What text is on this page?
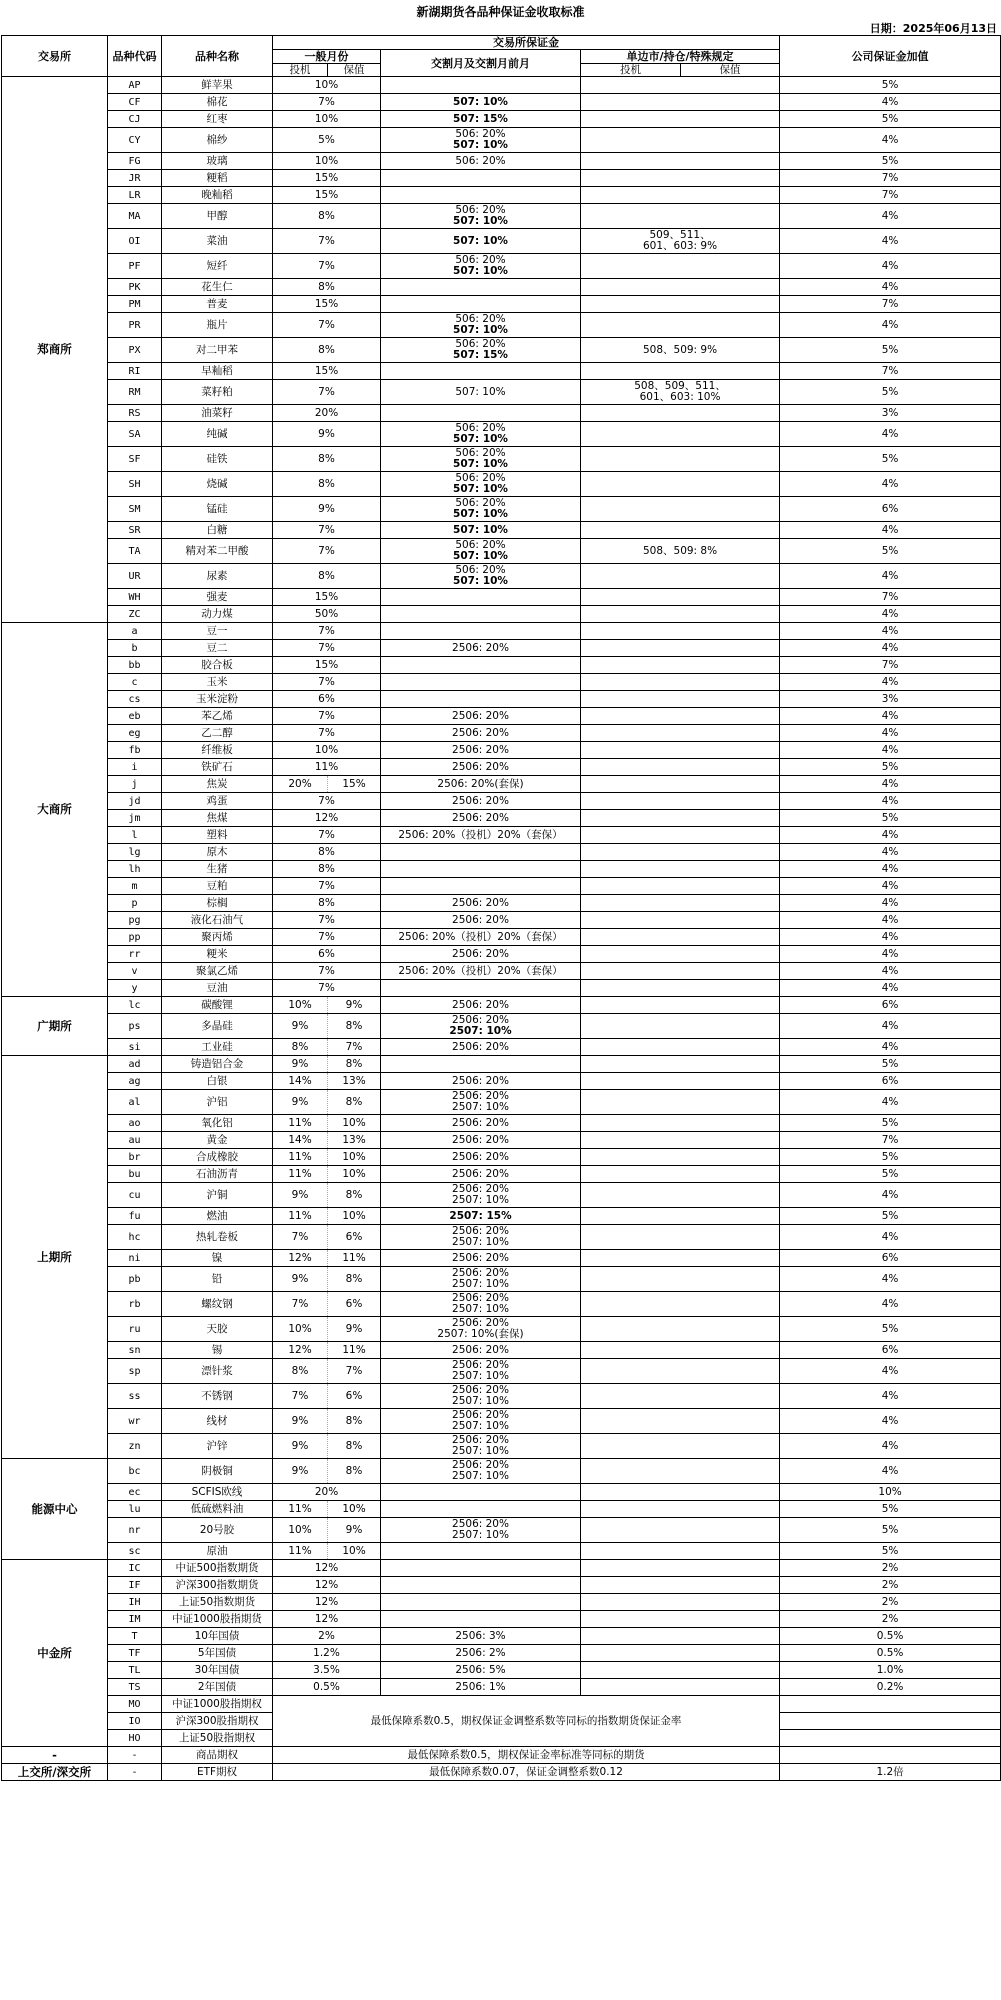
新湖期货各品种保证金收取标准
日期：2025年06月13日
交易所	品种代码	品种名称	交易所保证金					公司保证金加值
			一般月份		交割月及交割月前月	单边市/持仓/特殊规定		
			投机	保值		投机	保值	
郑商所	AP	鲜苹果	10%					5%
	CF	棉花	7%		507: 10%			4%
	CJ	红枣	10%		507: 15%			5%
	CY	棉纱	5%		506: 20%
507: 10%			4%
	FG	玻璃	10%		506: 20%			5%
	JR	粳稻	15%					7%
	LR	晚籼稻	15%					7%
	MA	甲醇	8%		506: 20%
507: 10%			4%
	OI	菜油	7%		507: 10%	509、511、
601、603: 9%		4%
	PF	短纤	7%		506: 20%
507: 10%			4%
	PK	花生仁	8%					4%
	PM	普麦	15%					7%
	PR	瓶片	7%		506: 20%
507: 10%			4%
	PX	对二甲苯	8%		506: 20%
507: 15%	508、509: 9%		5%
	RI	早籼稻	15%					7%
	RM	菜籽粕	7%		507: 10%	508、509、511、
601、603: 10%		5%
	RS	油菜籽	20%					3%
	SA	纯碱	9%		506: 20%
507: 10%			4%
	SF	硅铁	8%		506: 20%
507: 10%			5%
	SH	烧碱	8%		506: 20%
507: 10%			4%
	SM	锰硅	9%		506: 20%
507: 10%			6%
	SR	白糖	7%		507: 10%			4%
	TA	精对苯二甲酸	7%		506: 20%
507: 10%	508、509: 8%		5%
	UR	尿素	8%		506: 20%
507: 10%			4%
	WH	强麦	15%					7%
	ZC	动力煤	50%					4%
大商所	a	豆一	7%					4%
	b	豆二	7%		2506: 20%			4%
	bb	胶合板	15%					7%
	c	玉米	7%					4%
	cs	玉米淀粉	6%					3%
	eb	苯乙烯	7%		2506: 20%			4%
	eg	乙二醇	7%		2506: 20%			4%
	fb	纤维板	10%		2506: 20%			4%
	i	铁矿石	11%		2506: 20%			5%
	j	焦炭	20%	15%	2506: 20%(套保)			4%
	jd	鸡蛋	7%		2506: 20%			4%
	jm	焦煤	12%		2506: 20%			5%
	l	塑料	7%		2506: 20%（投机）20%（套保）			4%
	lg	原木	8%					4%
	lh	生猪	8%					4%
	m	豆粕	7%					4%
	p	棕榈	8%		2506: 20%			4%
	pg	液化石油气	7%		2506: 20%			4%
	pp	聚丙烯	7%		2506: 20%（投机）20%（套保）			4%
	rr	粳米	6%		2506: 20%			4%
	v	聚氯乙烯	7%		2506: 20%（投机）20%（套保）			4%
	y	豆油	7%					4%
广期所	lc	碳酸锂	10%	9%	2506: 20%			6%
	ps	多晶硅	9%	8%	2506: 20%
2507: 10%			4%
	si	工业硅	8%	7%	2506: 20%			4%
上期所	ad	铸造铝合金	9%	8%				5%
	ag	白银	14%	13%	2506: 20%			6%
	al	沪铝	9%	8%	2506: 20%
2507: 10%			4%
	ao	氧化铝	11%	10%	2506: 20%			5%
	au	黄金	14%	13%	2506: 20%			7%
	br	合成橡胶	11%	10%	2506: 20%			5%
	bu	石油沥青	11%	10%	2506: 20%			5%
	cu	沪铜	9%	8%	2506: 20%
2507: 10%			4%
	fu	燃油	11%	10%	2507: 15%			5%
	hc	热轧卷板	7%	6%	2506: 20%
2507: 10%			4%
	ni	镍	12%	11%	2506: 20%			6%
	pb	铅	9%	8%	2506: 20%
2507: 10%			4%
	rb	螺纹钢	7%	6%	2506: 20%
2507: 10%			4%
	ru	天胶	10%	9%	2506: 20%
2507: 10%(套保)			5%
	sn	锡	12%	11%	2506: 20%			6%
	sp	漂针浆	8%	7%	2506: 20%
2507: 10%			4%
	ss	不锈钢	7%	6%	2506: 20%
2507: 10%			4%
	wr	线材	9%	8%	2506: 20%
2507: 10%			4%
	zn	沪锌	9%	8%	2506: 20%
2507: 10%			4%
能源中心	bc	阴极铜	9%	8%	2506: 20%
2507: 10%			4%
	ec	SCFIS欧线	20%					10%
	lu	低硫燃料油	11%	10%				5%
	nr	20号胶	10%	9%	2506: 20%
2507: 10%			5%
	sc	原油	11%	10%				5%
中金所	IC	中证500指数期货	12%					2%
	IF	沪深300指数期货	12%					2%
	IH	上证50指数期货	12%					2%
	IM	中证1000股指期货	12%					2%
	T	10年国债	2%		2506: 3%			0.5%
	TF	5年国债	1.2%		2506: 2%			0.5%
	TL	30年国债	3.5%		2506: 5%			1.0%
	TS	2年国债	0.5%		2506: 1%			0.2%
	MO	中证1000股指期权	最低保障系数0.5，期权保证金调整系数等同标的指数期货保证金率					
	IO	沪深300股指期权						
	HO	上证50股指期权						
-	-	商品期权	最低保障系数0.5，期权保证金率标准等同标的期货					
上交所/深交所	-	ETF期权	最低保障系数0.07，保证金调整系数0.12					1.2倍
